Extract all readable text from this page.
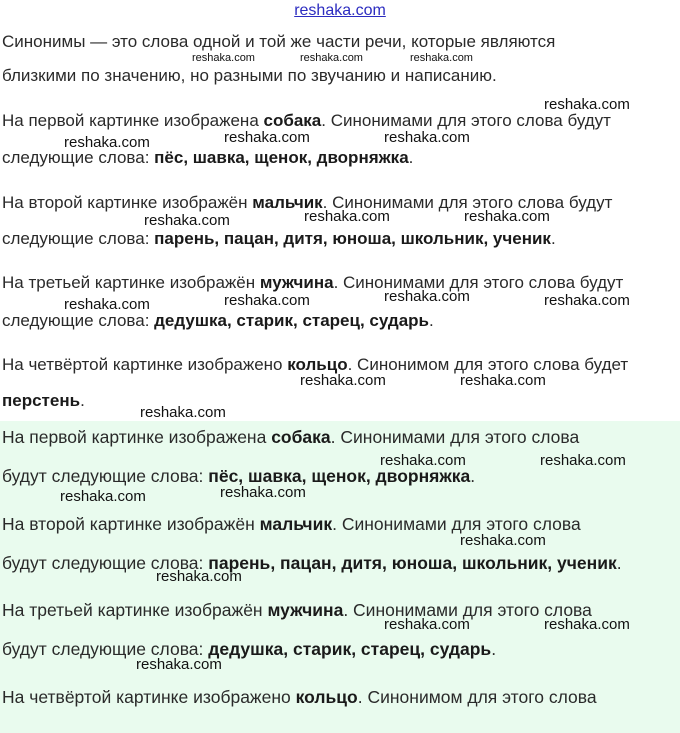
reshaka.com
Синонимы — это слова одной и той же части речи, которые являются
близкими по значению, но разными по звучанию и написанию.
На первой картинке изображена собака. Синонимами для этого слова будут
следующие слова: пёс, шавка, щенок, дворняжка.
На второй картинке изображён мальчик. Синонимами для этого слова будут
следующие слова: парень, пацан, дитя, юноша, школьник, ученик.
На третьей картинке изображён мужчина. Синонимами для этого слова будут
следующие слова: дедушка, старик, старец, сударь.
На четвёртой картинке изображено кольцо. Синонимом для этого слова будет
перстень.
На первой картинке изображена собака. Синонимами для этого слова
будут следующие слова: пёс, шавка, щенок, дворняжка.
На второй картинке изображён мальчик. Синонимами для этого слова
будут следующие слова: парень, пацан, дитя, юноша, школьник, ученик.
На третьей картинке изображён мужчина. Синонимами для этого слова
будут следующие слова: дедушка, старик, старец, сударь.
На четвёртой картинке изображено кольцо. Синонимом для этого слова
reshaka.com	reshaka.com	reshaka.com
reshaka.com
reshaka.com	reshaka.com	reshaka.com
reshaka.com	reshaka.com	reshaka.com
reshaka.com	reshaka.com	reshaka.com	reshaka.com
reshaka.com	reshaka.com
reshaka.com
reshaka.com	reshaka.com
reshaka.com	reshaka.com
reshaka.com
reshaka.com
reshaka.com	reshaka.com
reshaka.com
